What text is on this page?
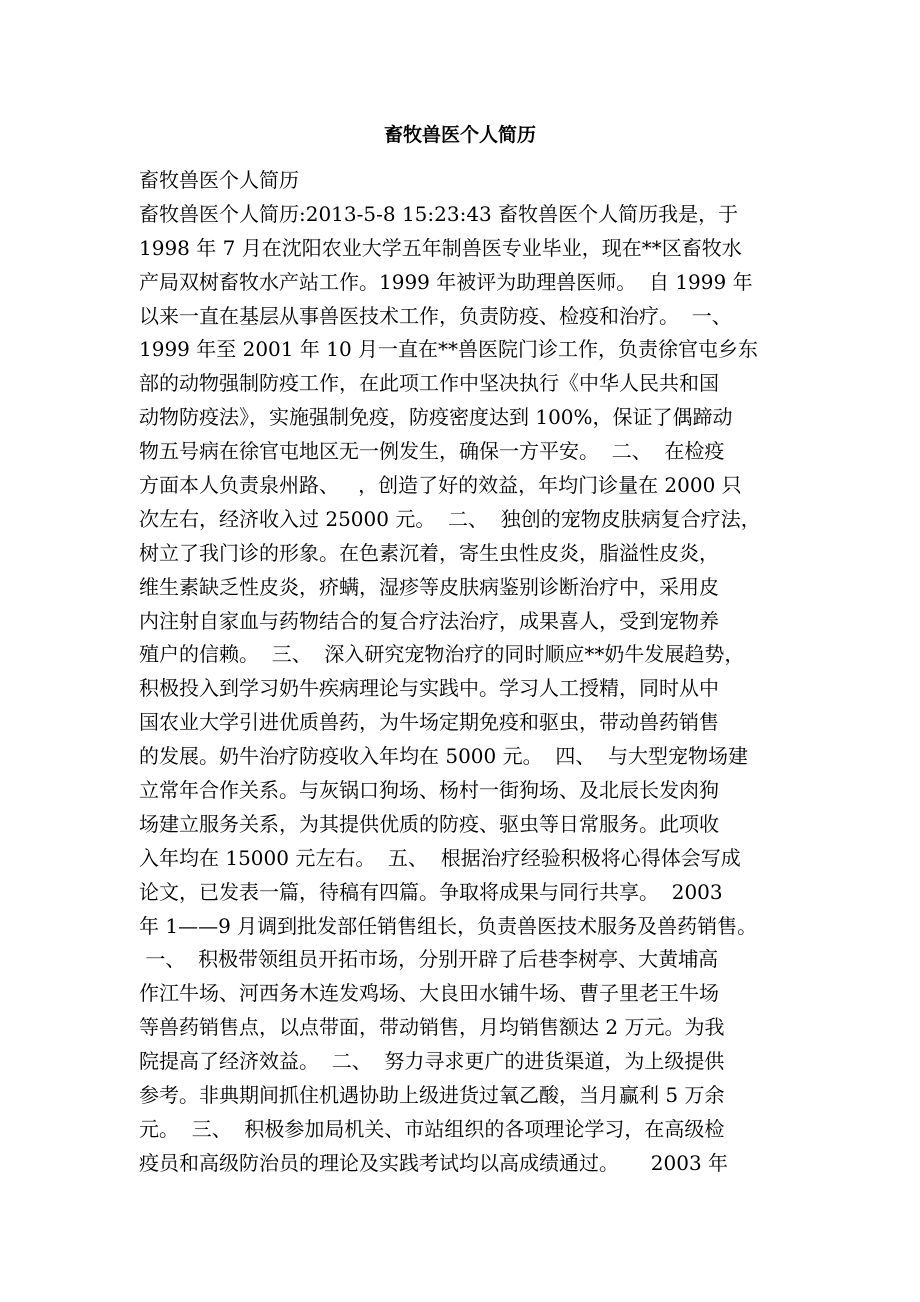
畜牧兽医个人简历
畜牧兽医个人简历
畜牧兽医个人简历:2013-5-8 15:23:43 畜牧兽医个人简历我是，于
1998 年 7 月在沈阳农业大学五年制兽医专业毕业，现在**区畜牧水
产局双树畜牧水产站工作。1999 年被评为助理兽医师。  自 1999 年
以来一直在基层从事兽医技术工作，负责防疫、检疫和治疗。  一、
1999 年至 2001 年 10 月一直在**兽医院门诊工作，负责徐官屯乡东
部的动物强制防疫工作，在此项工作中坚决执行《中华人民共和国
动物防疫法》，实施强制免疫，防疫密度达到 100%，保证了偶蹄动
物五号病在徐官屯地区无一例发生，确保一方平安。  二、  在检疫
方面本人负责泉州路、   ，创造了好的效益，年均门诊量在 2000 只
次左右，经济收入过 25000 元。  二、  独创的宠物皮肤病复合疗法，
树立了我门诊的形象。在色素沉着，寄生虫性皮炎，脂溢性皮炎，
维生素缺乏性皮炎，疥螨，湿疹等皮肤病鉴别诊断治疗中，采用皮
内注射自家血与药物结合的复合疗法治疗，成果喜人，受到宠物养
殖户的信赖。  三、  深入研究宠物治疗的同时顺应**奶牛发展趋势，
积极投入到学习奶牛疾病理论与实践中。学习人工授精，同时从中
国农业大学引进优质兽药，为牛场定期免疫和驱虫，带动兽药销售
的发展。奶牛治疗防疫收入年均在 5000 元。  四、  与大型宠物场建
立常年合作关系。与灰锅口狗场、杨村一街狗场、及北辰长发肉狗
场建立服务关系，为其提供优质的防疫、驱虫等日常服务。此项收
入年均在 15000 元左右。  五、  根据治疗经验积极将心得体会写成
论文，已发表一篇，待稿有四篇。争取将成果与同行共享。  2003
年 1——9 月调到批发部任销售组长，负责兽医技术服务及兽药销售。
一、  积极带领组员开拓市场，分别开辟了后巷李树亭、大黄埔高
作江牛场、河西务木连发鸡场、大良田水铺牛场、曹子里老王牛场
等兽药销售点，以点带面，带动销售，月均销售额达 2 万元。为我
院提高了经济效益。  二、  努力寻求更广的进货渠道，为上级提供
参考。非典期间抓住机遇协助上级进货过氧乙酸，当月赢利 5 万余
元。  三、  积极参加局机关、市站组织的各项理论学习，在高级检
疫员和高级防治员的理论及实践考试均以高成绩通过。     2003 年
